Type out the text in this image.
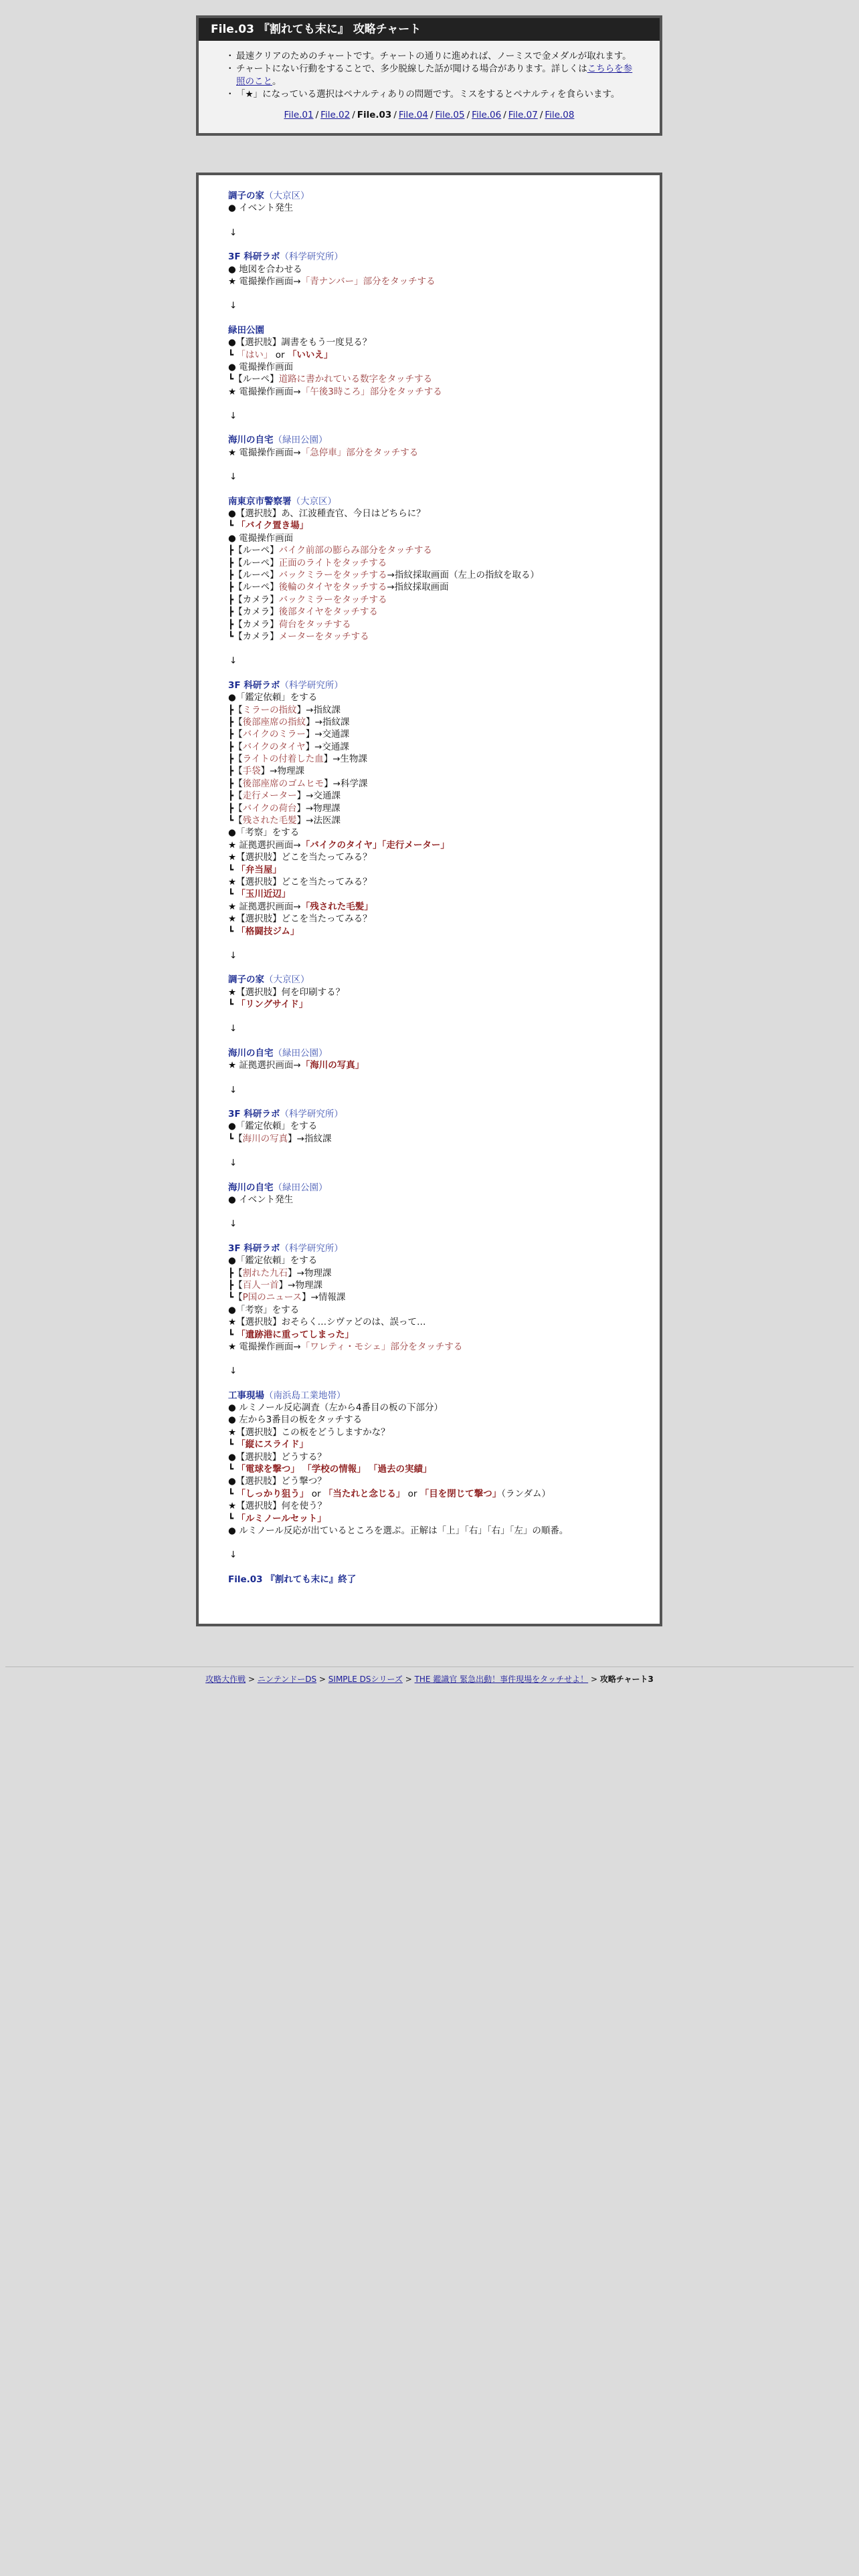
File.03 『割れても末に』 攻略チャート
・ 最速クリアのためのチャートです。チャートの通りに進めれば、ノーミスで金メダルが取れます。
・ チャートにない行動をすることで、多少脱線した話が聞ける場合があります。詳しくはこちらを参照のこと。
・ 「★」になっている選択はペナルティありの問題です。ミスをするとペナルティを食らいます。
File.01 / File.02 / File.03 / File.04 / File.05 / File.06 / File.07 / File.08
調子の家（大京区）
● イベント発生
↓
3F 科研ラボ（科学研究所）
● 地図を合わせる
★ 電撮操作画面→「青ナンバー」部分をタッチする
↓
緑田公園
●【選択肢】調書をもう一度見る？
┗ 「はい」 or 「いいえ」
● 電撮操作画面
┗【ルーペ】道路に書かれている数字をタッチする
★ 電撮操作画面→「午後3時ころ」部分をタッチする
↓
海川の自宅（緑田公園）
★ 電撮操作画面→「急停車」部分をタッチする
↓
南東京市警察署（大京区）
●【選択肢】あ、江波種査官、今日はどちらに？
┗ 「バイク置き場」
● 電撮操作画面
┣【ルーペ】バイク前部の膨らみ部分をタッチする
┣【ルーペ】正面のライトをタッチする
┣【ルーペ】バックミラーをタッチする→指紋採取画面（左上の指紋を取る）
┣【ルーペ】後輪のタイヤをタッチする→指紋採取画面
┣【カメラ】バックミラーをタッチする
┣【カメラ】後部タイヤをタッチする
┣【カメラ】荷台をタッチする
┗【カメラ】メーターをタッチする
↓
3F 科研ラボ（科学研究所）
●「鑑定依頼」をする
┣【ミラーの指紋】→指紋課
┣【後部座席の指紋】→指紋課
┣【バイクのミラー】→交通課
┣【バイクのタイヤ】→交通課
┣【ライトの付着した血】→生物課
┣【手袋】→物理課
┣【後部座席のゴムヒモ】→科学課
┣【走行メーター】→交通課
┣【バイクの荷台】→物理課
┗【残された毛髪】→法医課
●「考察」をする
★ 証拠選択画面→「バイクのタイヤ」「走行メーター」
★【選択肢】どこを当たってみる？
┗ 「弁当屋」
★【選択肢】どこを当たってみる？
┗ 「玉川近辺」
★ 証拠選択画面→「残された毛髪」
★【選択肢】どこを当たってみる？
┗ 「格闘技ジム」
↓
調子の家（大京区）
★【選択肢】何を印刷する？
┗ 「リングサイド」
↓
海川の自宅（緑田公園）
★ 証拠選択画面→「海川の写真」
↓
3F 科研ラボ（科学研究所）
●「鑑定依頼」をする
┗【海川の写真】→指紋課
↓
海川の自宅（緑田公園）
● イベント発生
↓
3F 科研ラボ（科学研究所）
●「鑑定依頼」をする
┣【割れた九石】→物理課
┣【百人一首】→物理課
┗【P国のニュース】→情報課
●「考察」をする
★【選択肢】おそらく…シヴァどのは、誤って…
┗ 「遺跡港に重ってしまった」
★ 電撮操作画面→「ワレティ・モシェ」部分をタッチする
↓
工事現場（南浜島工業地帯）
● ルミノール反応調査（左から4番目の板の下部分）
● 左から3番目の板をタッチする
★【選択肢】この板をどうしますかな？
┗ 「縦にスライド」
●【選択肢】どうする？
┗ 「電球を撃つ」 「学校の情報」 「過去の実績」
●【選択肢】どう撃つ？
┗ 「しっかり狙う」 or 「当たれと念じる」 or 「目を閉じて撃つ」（ランダム）
★【選択肢】何を使う？
┗ 「ルミノールセット」
● ルミノール反応が出ているところを選ぶ。正解は「上」「右」「右」「左」の順番。
↓
File.03 『割れても末に』終了
攻略大作戦 > ニンテンドーDS > SIMPLE DSシリーズ > THE 鑑識官 緊急出動！事件現場をタッチせよ！ > 攻略チャート3
